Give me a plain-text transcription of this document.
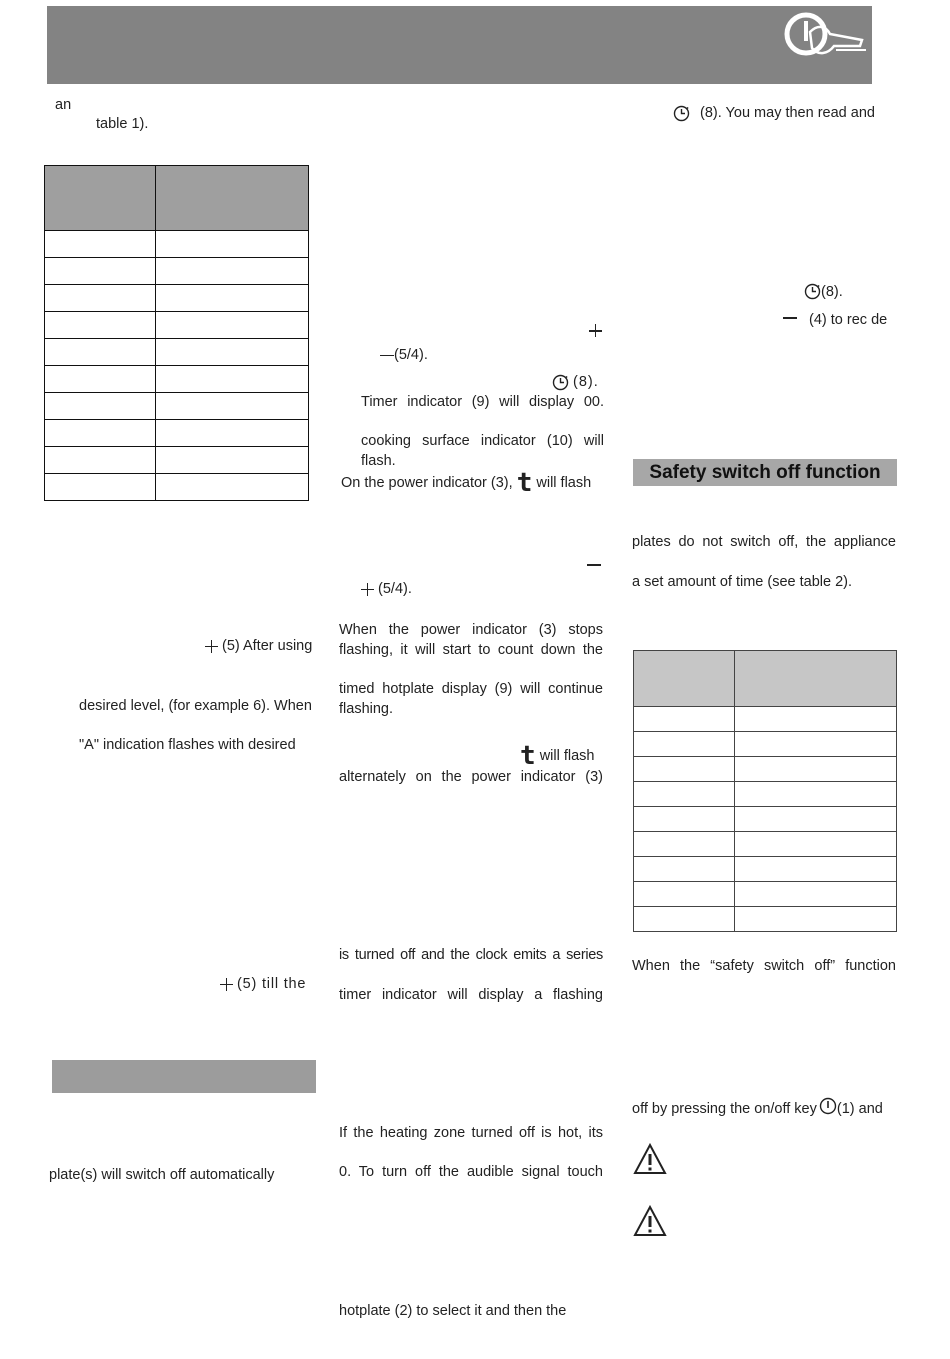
an
table 1).

(5) After using
desired level, (for example 6). When
"A" indication flashes with desired
(5) till the
plate(s) will switch off automatically
(5/4).
(8).
Timer indicator (9) will display 00.
cooking surface indicator (10) will
flash.
On the power indicator (3), t will flash
(5/4).
When the power indicator (3) stops
flashing, it will start to count down the
timed hotplate display (9) will continue
flashing.
t will flash
alternately on the power indicator (3)
is turned off and the clock emits a series
timer indicator will display a flashing
If the heating zone turned off is hot, its
0. To turn off the audible signal touch
hotplate (2) to select it and then the
(8). You may then read and
(8).
(4) to rec de
Safety switch off function
plates do not switch off, the appliance
a set amount of time (see table 2).

When the “safety switch off” function
off by pressing the on/off key (1) and
